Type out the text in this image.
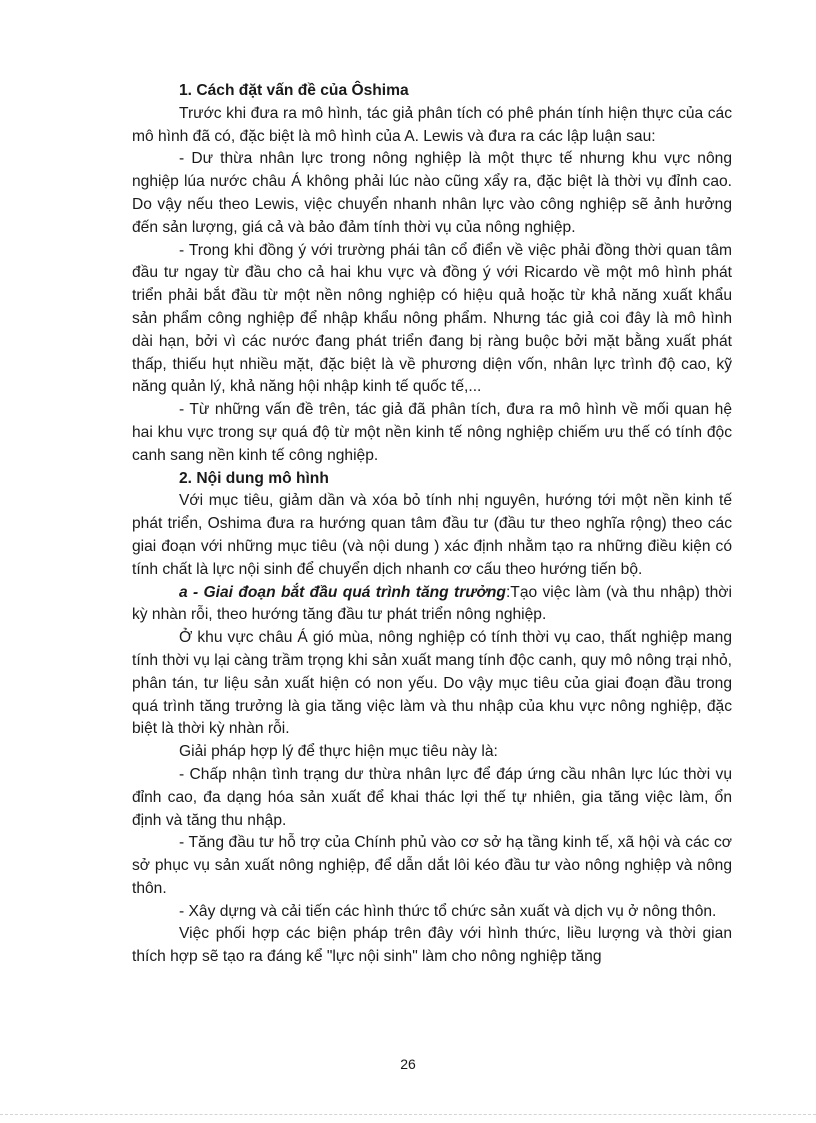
1. Cách đặt vấn đề của Ôshima

Trước khi đưa ra mô hình, tác giả phân tích có phê phán tính hiện thực của các mô hình đã có, đặc biệt là mô hình của A. Lewis và đưa ra các lập luận sau:

- Dư thừa nhân lực trong nông nghiệp là một thực tế nhưng khu vực nông nghiệp lúa nước châu Á không phải lúc nào cũng xẩy ra, đặc biệt là thời vụ đỉnh cao. Do vậy nếu theo Lewis, việc chuyển nhanh nhân lực vào công nghiệp sẽ ảnh hưởng đến sản lượng, giá cả và bảo đảm tính thời vụ của nông nghiệp.

- Trong khi đồng ý với trường phái tân cổ điển về việc phải đồng thời quan tâm đầu tư ngay từ đầu cho cả hai khu vực và đồng ý với Ricardo về một mô hình phát triển phải bắt đầu từ một nền nông nghiệp có hiệu quả hoặc từ khả năng xuất khẩu sản phẩm công nghiệp để nhập khẩu nông phẩm. Nhưng tác giả coi đây là mô hình dài hạn, bởi vì các nước đang phát triển đang bị ràng buộc bởi mặt bằng xuất phát thấp, thiếu hụt nhiều mặt, đặc biệt là về phương diện vốn, nhân lực trình độ cao, kỹ năng quản lý, khả năng hội nhập kinh tế quốc tế,...

- Từ những vấn đề trên, tác giả đã phân tích, đưa ra mô hình về mối quan hệ hai khu vực trong sự quá độ từ một nền kinh tế nông nghiệp chiếm ưu thế có tính độc canh sang nền kinh tế công nghiệp.

2. Nội dung mô hình

Với mục tiêu, giảm dần và xóa bỏ tính nhị nguyên, hướng tới một nền kinh tế phát triển, Oshima đưa ra hướng quan tâm đầu tư (đầu tư theo nghĩa rộng) theo các giai đoạn với những mục tiêu (và nội dung ) xác định nhằm tạo ra những điều kiện có tính chất là lực nội sinh để chuyển dịch nhanh cơ cấu theo hướng tiến bộ.

a - Giai đoạn bắt đầu quá trình tăng trưởng:Tạo việc làm (và thu nhập) thời kỳ nhàn rỗi, theo hướng tăng đầu tư phát triển nông nghiệp.

Ở khu vực châu Á gió mùa, nông nghiệp có tính thời vụ cao, thất nghiệp mang tính thời vụ lại càng trầm trọng khi sản xuất mang tính độc canh, quy mô nông trại nhỏ, phân tán, tư liệu sản xuất hiện có non yếu. Do vậy mục tiêu của giai đoạn đầu trong quá trình tăng trưởng là gia tăng việc làm và thu nhập của khu vực nông nghiệp, đặc biệt là thời kỳ nhàn rỗi.

Giải pháp hợp lý để thực hiện mục tiêu này là:

- Chấp nhận tình trạng dư thừa nhân lực để đáp ứng cầu nhân lực lúc thời vụ đỉnh cao, đa dạng hóa sản xuất để khai thác lợi thế tự nhiên, gia tăng việc làm, ổn định và tăng thu nhập.

- Tăng đầu tư hỗ trợ của Chính phủ vào cơ sở hạ tầng kinh tế, xã hội và các cơ sở phục vụ sản xuất nông nghiệp, để dẫn dắt lôi kéo đầu tư vào nông nghiệp và nông thôn.

- Xây dựng và cải tiến các hình thức tổ chức sản xuất và dịch vụ ở nông thôn.

Việc phối hợp các biện pháp trên đây với hình thức, liều lượng và thời gian thích hợp sẽ tạo ra đáng kể "lực nội sinh" làm cho nông nghiệp tăng

26
